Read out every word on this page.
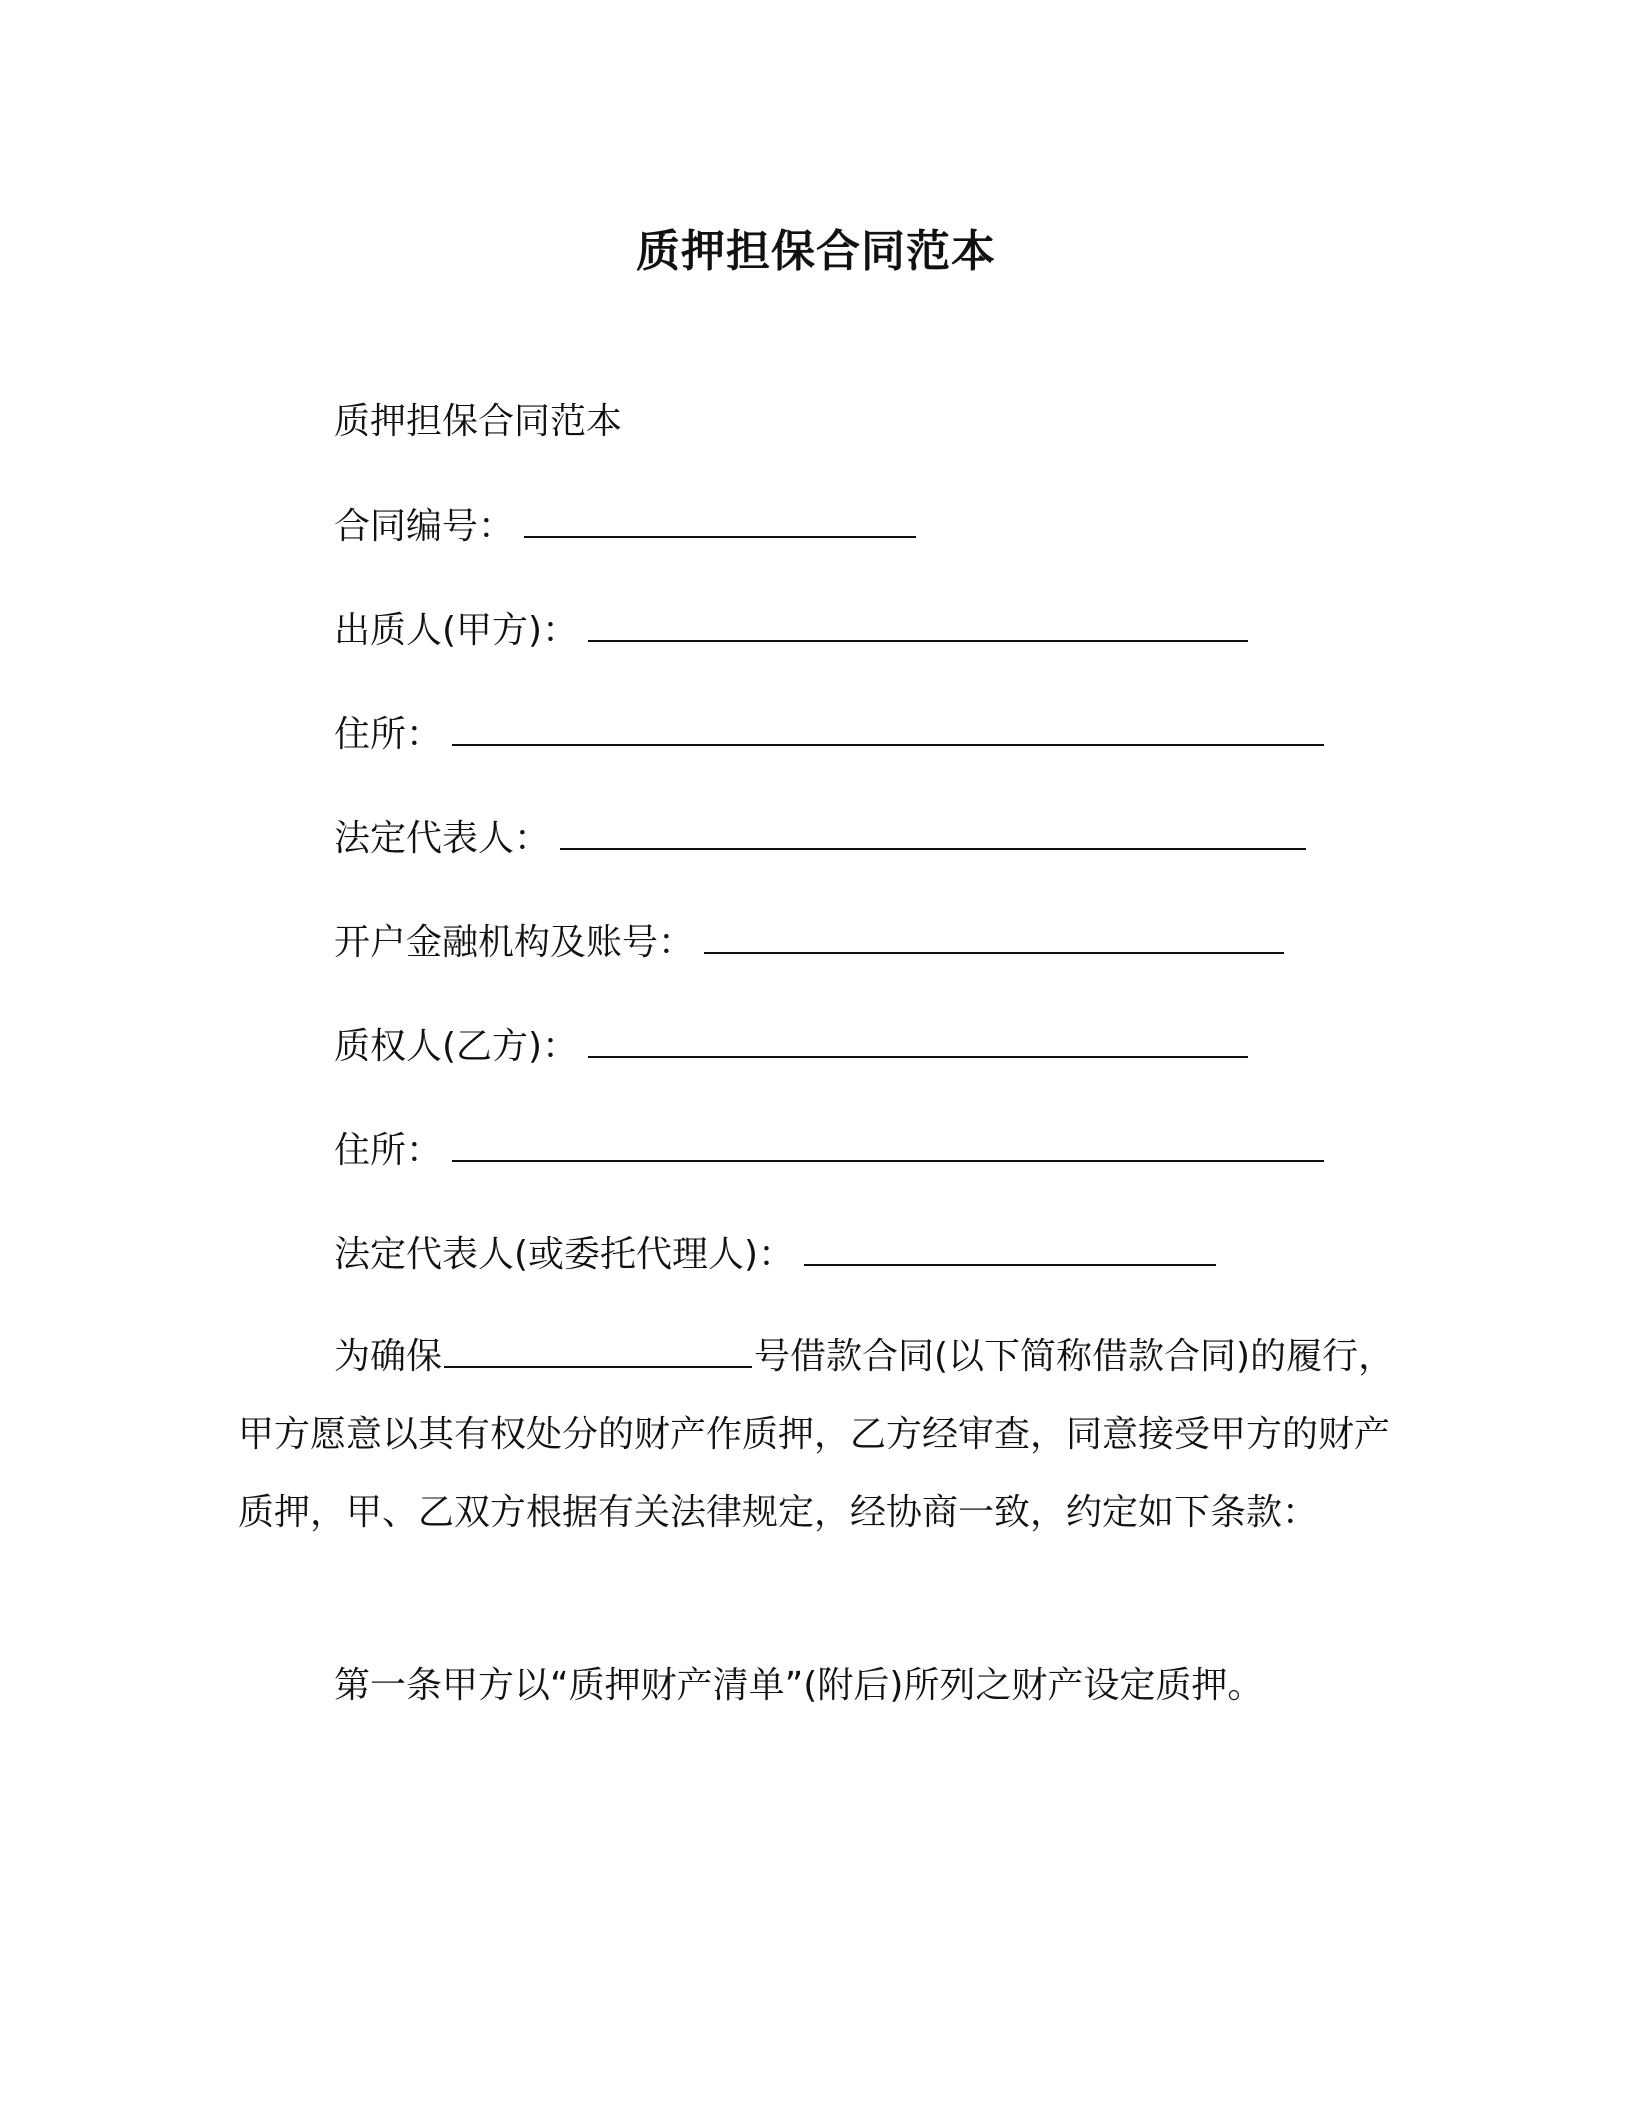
质押担保合同范本
质押担保合同范本
合同编号：
出质人(甲方)：
住所：
法定代表人：
开户金融机构及账号：
质权人(乙方)：
住所：
法定代表人(或委托代理人)：
为确保	号借款合同(以下简称借款合同)的履行，甲方愿意以其有权处分的财产作质押，乙方经审查，同意接受甲方的财产质押，甲、乙双方根据有关法律规定，经协商一致，约定如下条款：
第一条甲方以“质押财产清单”(附后)所列之财产设定质押。
